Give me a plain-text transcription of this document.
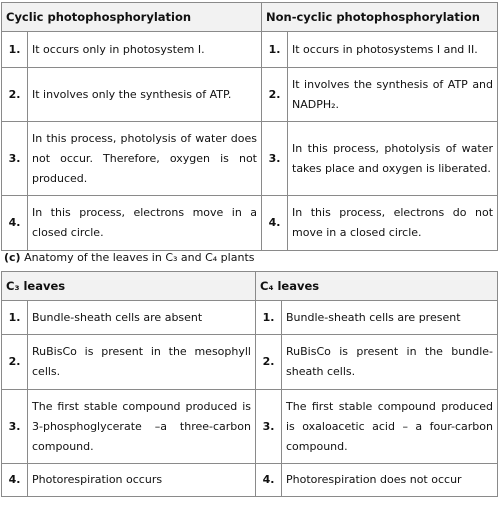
Cyclic photophosphorylation		Non-cyclic photophosphorylation	
1.	It occurs only in photosystem I.	1.	It occurs in photosystems I and II.
2.	It involves only the synthesis of ATP.	2.	It involves the synthesis of ATP and NADPH₂.
3.	In this process, photolysis of water does not occur. Therefore, oxygen is not produced.	3.	In this process, photolysis of water takes place and oxygen is liberated.
4.	In this process, electrons move in a closed circle.	4.	In this process, electrons do not move in a closed circle.
(c) Anatomy of the leaves in C₃ and C₄ plants
C₃ leaves		C₄ leaves	
1.	Bundle-sheath cells are absent	1.	Bundle-sheath cells are present
2.	RuBisCo is present in the mesophyll cells.	2.	RuBisCo is present in the bundle-sheath cells.
3.	The first stable compound produced is 3-phosphoglycerate –a three-carbon compound.	3.	The first stable compound produced is oxaloacetic acid – a four-carbon compound.
4.	Photorespiration occurs	4.	Photorespiration does not occur
